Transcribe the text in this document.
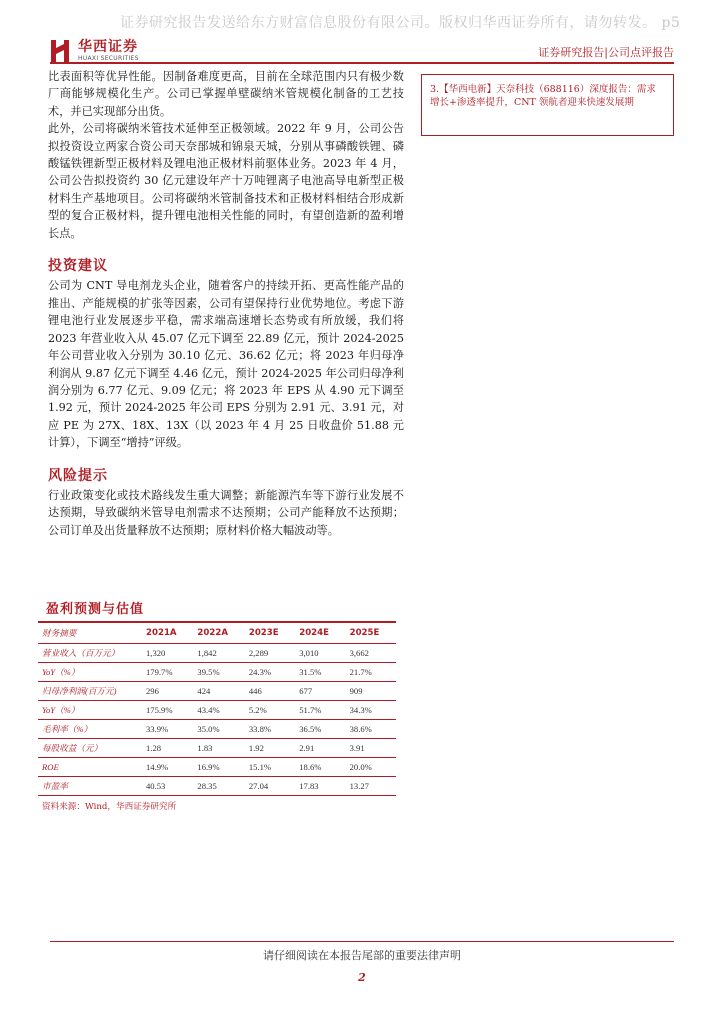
证券研究报告发送给东方财富信息股份有限公司。版权归华西证券所有，请勿转发。 p5
华西证券
HUAXI SECURITIES	证券研究报告|公司点评报告

比表面积等优异性能。因制备难度更高，目前在全球范围内只有极少数厂商能够规模化生产。公司已掌握单壁碳纳米管规模化制备的工艺技术，并已实现部分出货。

此外，公司将碳纳米管技术延伸至正极领域。2022 年 9 月，公司公告拟投资设立两家合资公司天奈郚城和锦泉天城，分别从事磷酸铁锂、磷酸锰铁锂新型正极材料及锂电池正极材料前驱体业务。2023 年 4 月，公司公告拟投资约 30 亿元建设年产十万吨锂离子电池高导电新型正极材料生产基地项目。公司将碳纳米管制备技术和正极材料相结合形成新型的复合正极材料，提升锂电池相关性能的同时，有望创造新的盈利增长点。

投资建议

公司为 CNT 导电剂龙头企业，随着客户的持续开拓、更高性能产品的推出、产能规模的扩张等因素，公司有望保持行业优势地位。考虑下游锂电池行业发展逐步平稳，需求端高速增长态势或有所放缓，我们将 2023 年营业收入从 45.07 亿元下调至 22.89 亿元，预计 2024-2025 年公司营业收入分别为 30.10 亿元、36.62 亿元；将 2023 年归母净利润从 9.87 亿元下调至 4.46 亿元，预计 2024-2025 年公司归母净利润分别为 6.77 亿元、9.09 亿元；将 2023 年 EPS 从 4.90 元下调至 1.92 元，预计 2024-2025 年公司 EPS 分别为 2.91 元、3.91 元，对应 PE 为 27X、18X、13X（以 2023 年 4 月 25 日收盘价 51.88 元计算），下调至“增持”评级。

风险提示

行业政策变化或技术路线发生重大调整；新能源汽车等下游行业发展不达预期，导致碳纳米管导电剂需求不达预期；公司产能释放不达预期；公司订单及出货量释放不达预期；原材料价格大幅波动等。

3.【华西电新】天奈科技（688116）深度报告：需求增长+渗透率提升，CNT 领航者迎来快速发展期
盈利预测与估值
财务摘要	2021A	2022A	2023E	2024E	2025E
营业收入（百万元）	1,320	1,842	2,289	3,010	3,662
YoY（%）	179.7%	39.5%	24.3%	31.5%	21.7%
归母净利润(百万元)	296	424	446	677	909
YoY（%）	175.9%	43.4%	5.2%	51.7%	34.3%
毛利率（%）	33.9%	35.0%	33.8%	36.5%	38.6%
每股收益（元）	1.28	1.83	1.92	2.91	3.91
ROE	14.9%	16.9%	15.1%	18.6%	20.0%
市盈率	40.53	28.35	27.04	17.83	13.27
资料来源：Wind，华西证券研究所
请仔细阅读在本报告尾部的重要法律声明
2
